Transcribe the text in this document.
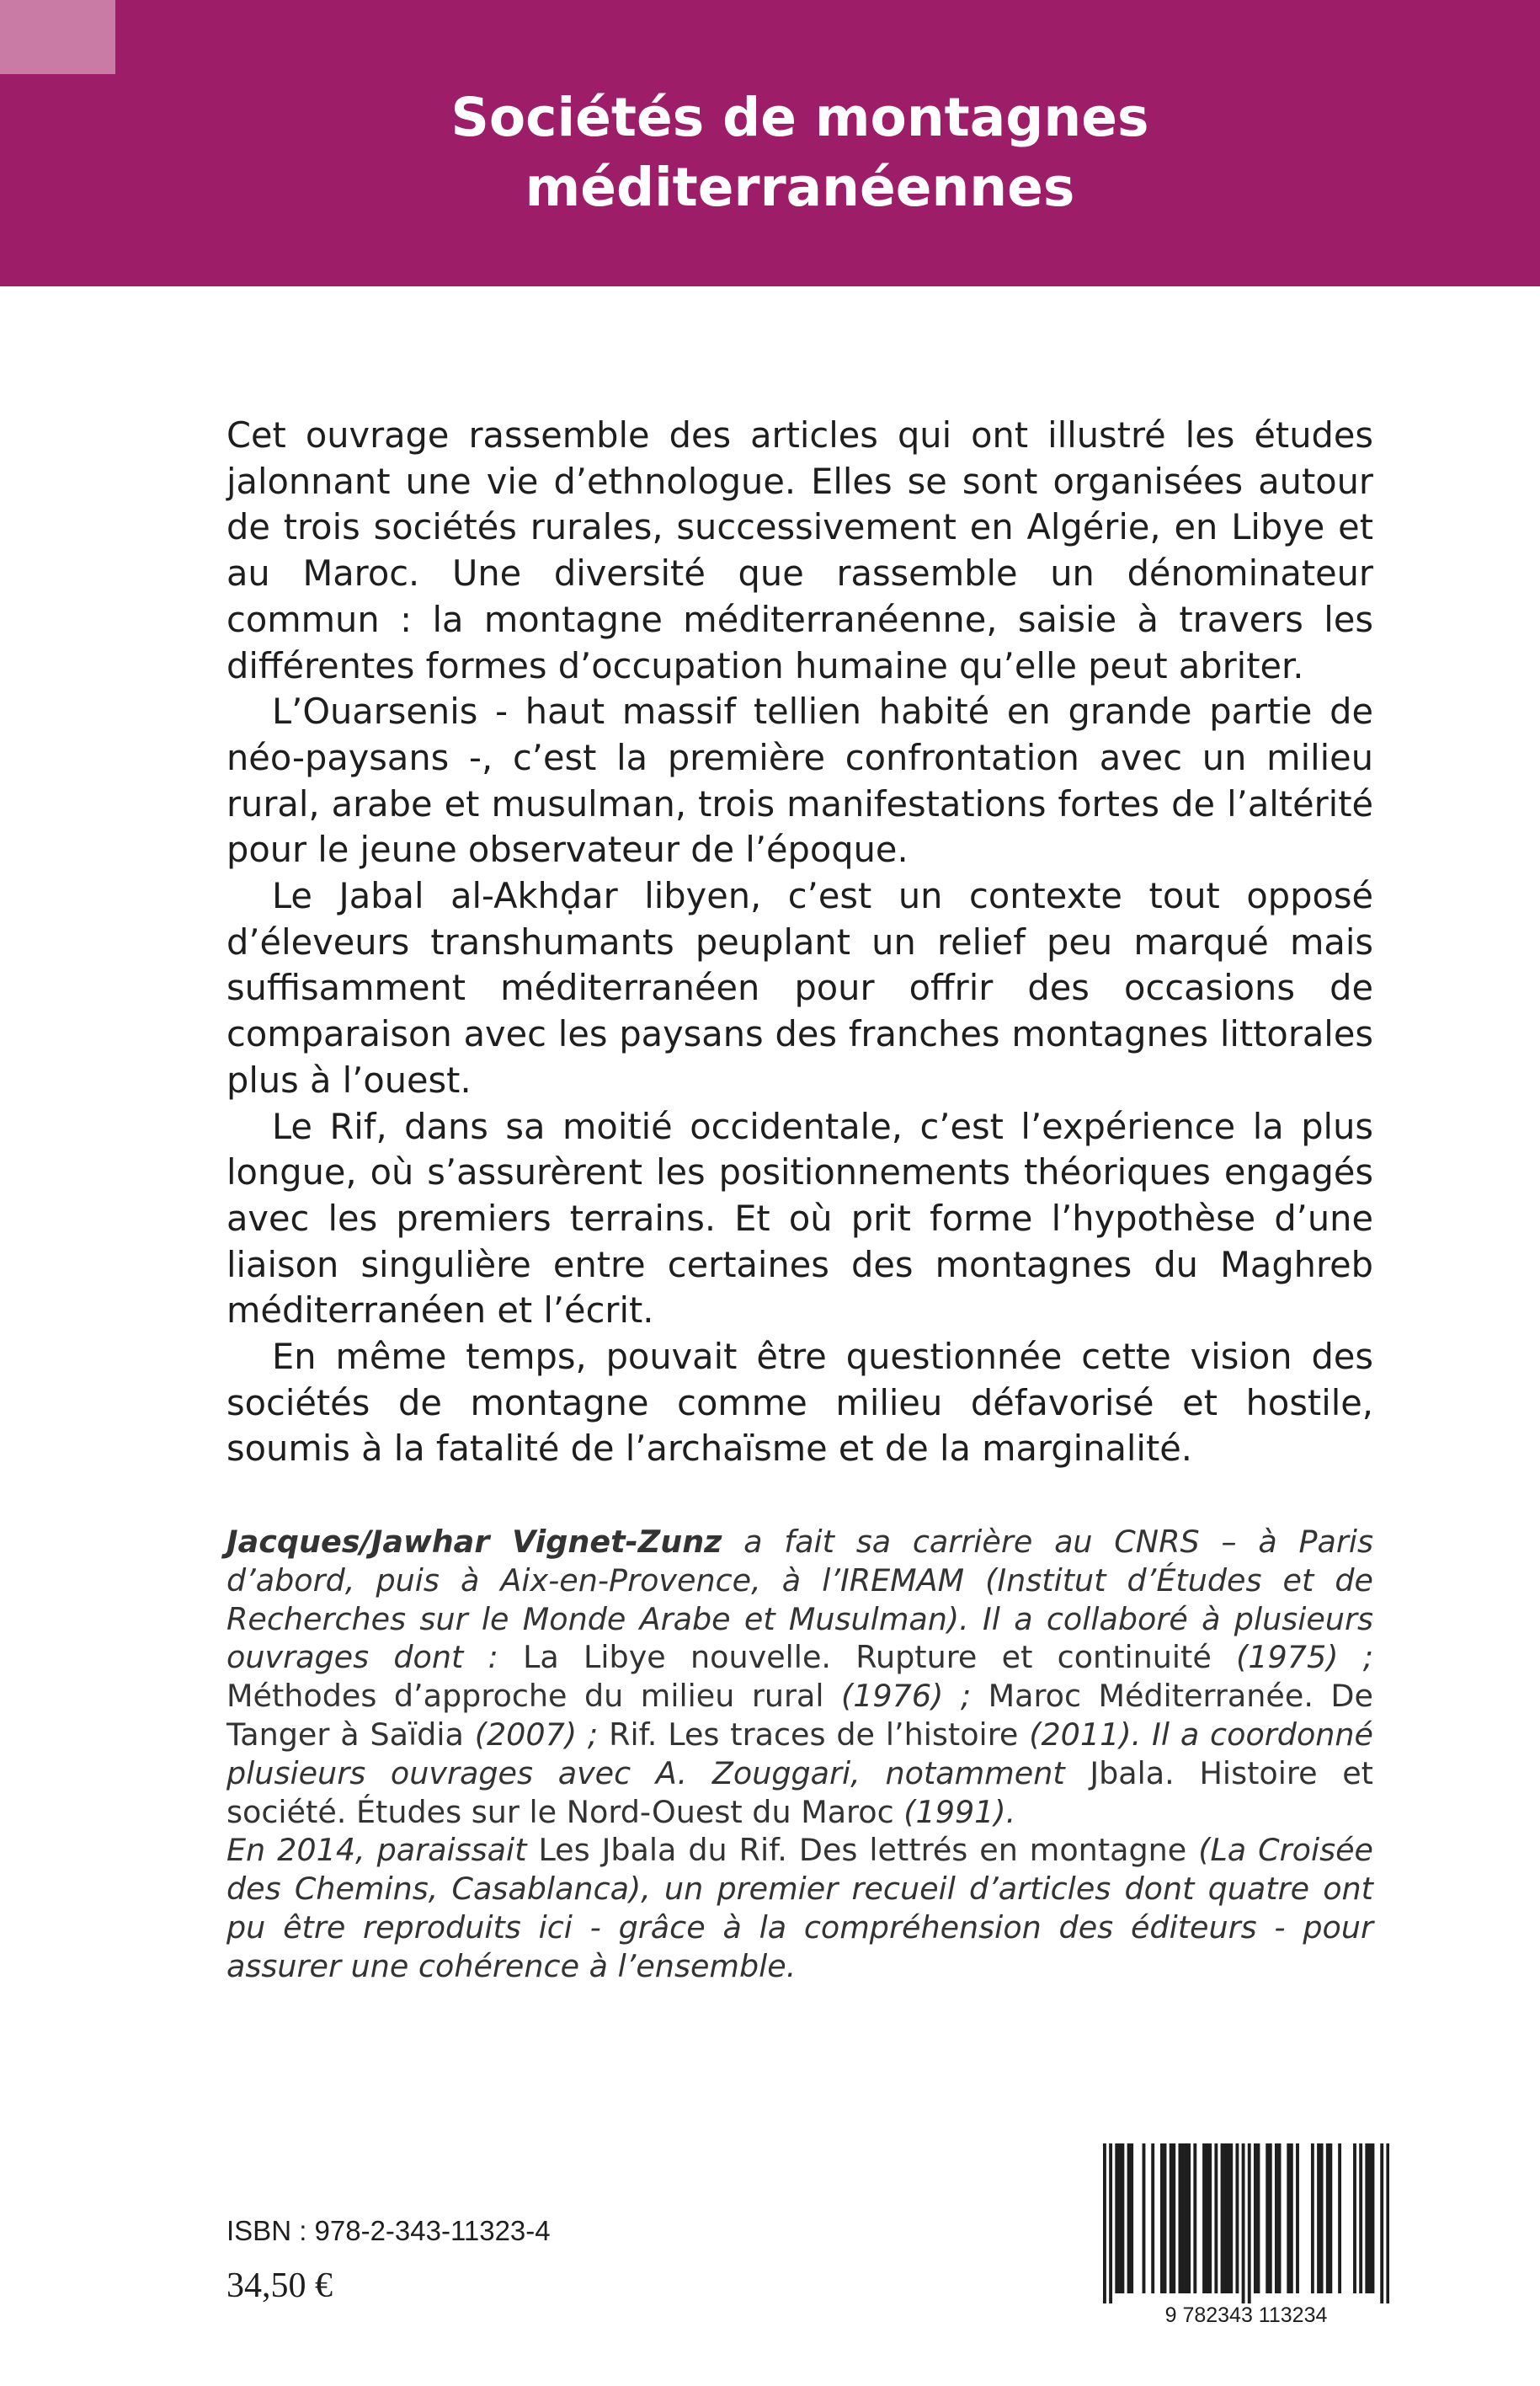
Sociétés de montagnes
méditerranéennes

Cet ouvrage rassemble des articles qui ont illustré les études jalonnant une vie d’ethnologue. Elles se sont organisées autour de trois sociétés rurales, successivement en Algérie, en Libye et au Maroc. Une diversité que rassemble un dénominateur commun : la montagne méditerranéenne, saisie à travers les différentes formes d’occupation humaine qu’elle peut abriter.

L’Ouarsenis - haut massif tellien habité en grande partie de néo-paysans -, c’est la première confrontation avec un milieu rural, arabe et musulman, trois manifestations fortes de l’altérité pour le jeune observateur de l’époque.

Le Jabal al-Akhḍar libyen, c’est un contexte tout opposé d’éleveurs transhumants peuplant un relief peu marqué mais suffisamment méditerranéen pour offrir des occasions de comparaison avec les paysans des franches montagnes littorales plus à l’ouest.

Le Rif, dans sa moitié occidentale, c’est l’expérience la plus longue, où s’assurèrent les positionnements théoriques engagés avec les premiers terrains. Et où prit forme l’hypothèse d’une liaison singulière entre certaines des montagnes du Maghreb méditerranéen et l’écrit.

En même temps, pouvait être questionnée cette vision des sociétés de montagne comme milieu défavorisé et hostile, soumis à la fatalité de l’archaïsme et de la marginalité.

Jacques/Jawhar Vignet-Zunz a fait sa carrière au CNRS – à Paris d’abord, puis à Aix-en-Provence, à l’IREMAM (Institut d’Études et de Recherches sur le Monde Arabe et Musulman). Il a collaboré à plusieurs ouvrages dont : La Libye nouvelle. Rupture et continuité (1975) ; Méthodes d’approche du milieu rural (1976) ; Maroc Méditerranée. De Tanger à Saïdia (2007) ; Rif. Les traces de l’histoire (2011). Il a coordonné plusieurs ouvrages avec A. Zouggari, notamment Jbala. Histoire et société. Études sur le Nord-Ouest du Maroc (1991).

En 2014, paraissait Les Jbala du Rif. Des lettrés en montagne (La Croisée des Chemins, Casablanca), un premier recueil d’articles dont quatre ont pu être reproduits ici - grâce à la compréhension des éditeurs - pour assurer une cohérence à l’ensemble.

ISBN : 978-2-343-11323-4
34,50 €
9 782343 113234
